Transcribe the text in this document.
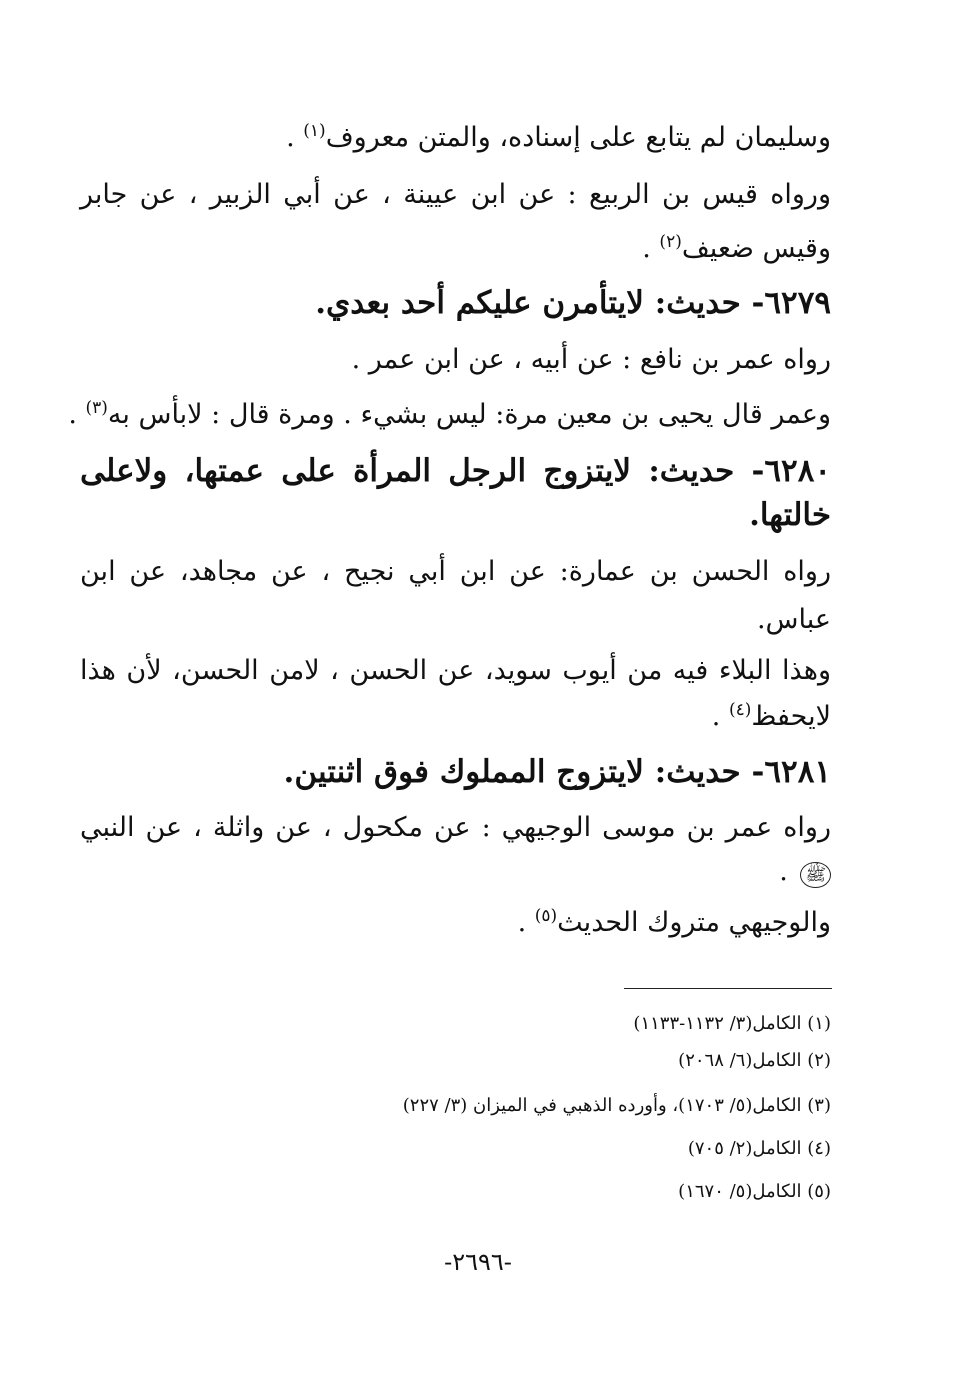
وسليمان لم يتابع على إسناده، والمتن معروف$^{(١)}$ .
ورواه قيس بن الربيع : عن ابن عيينة ، عن أبي الزبير ، عن جابر
وقيس ضعيف$^{(٢)}$ .
٦٢٧٩- حديث: لايتأمرن عليكم أحد بعدي.
رواه عمر بن نافع : عن أبيه ، عن ابن عمر .
وعمر قال يحيى بن معين مرة: ليس بشيء . ومرة قال : لابأس به$^{(٣)}$ .
٦٢٨٠- حديث: لايتزوج الرجل المرأة على عمتها، ولاعلى
خالتها.
رواه الحسن بن عمارة: عن ابن أبي نجيح ، عن مجاهد، عن ابن
عباس.
وهذا البلاء فيه من أيوب سويد، عن الحسن ، لامن الحسن، لأن هذا
لايحفظ$^{(٤)}$ .
٦٢٨١- حديث: لايتزوج المملوك فوق اثنتين.
رواه عمر بن موسى الوجيهي : عن مكحول ، عن واثلة ، عن النبي
ﷺ .
والوجيهي متروك الحديث$^{(٥)}$ .
(١) الكامل(٣/ ١١٣٢-١١٣٣)
(٢) الكامل(٦/ ٢٠٦٨)
(٣) الكامل(٥/ ١٧٠٣)، وأورده الذهبي في الميزان (٣/ ٢٢٧)
(٤) الكامل(٢/ ٧٠٥)
(٥) الكامل(٥/ ١٦٧٠)
-٢٦٩٦-
